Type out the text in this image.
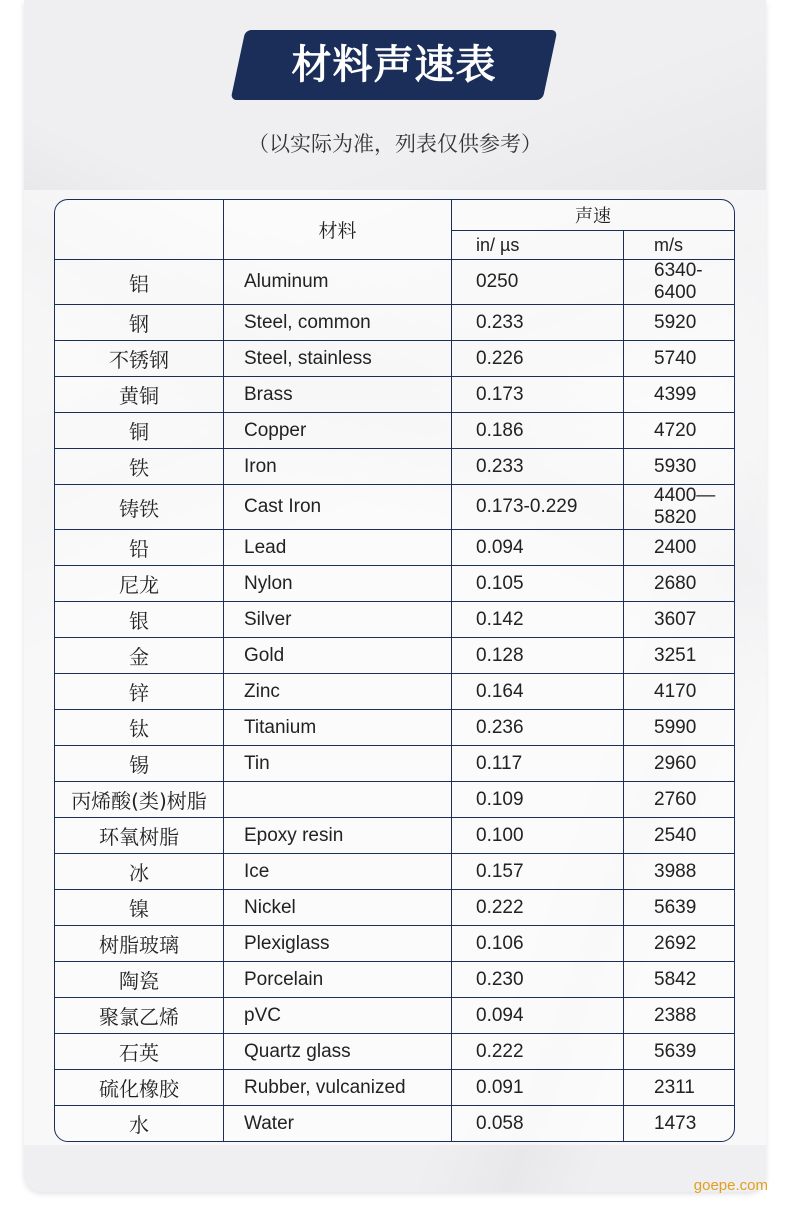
材料声速表
（以实际为准，列表仅供参考）
	材料	声速	
		in/ µs	m/s
铝	Aluminum	0250	6340-6400
钢	Steel, common	0.233	5920
不锈钢	Steel, stainless	0.226	5740
黄铜	Brass	0.173	4399
铜	Copper	0.186	4720
铁	Iron	0.233	5930
铸铁	Cast Iron	0.173-0.229	4400—5820
铅	Lead	0.094	2400
尼龙	Nylon	0.105	2680
银	Silver	0.142	3607
金	Gold	0.128	3251
锌	Zinc	0.164	4170
钛	Titanium	0.236	5990
锡	Tin	0.117	2960
丙烯酸(类)树脂		0.109	2760
环氧树脂	Epoxy resin	0.100	2540
冰	Ice	0.157	3988
镍	Nickel	0.222	5639
树脂玻璃	Plexiglass	0.106	2692
陶瓷	Porcelain	0.230	5842
聚氯乙烯	pVC	0.094	2388
石英	Quartz glass	0.222	5639
硫化橡胶	Rubber, vulcanized	0.091	2311
水	Water	0.058	1473
goepe.com
